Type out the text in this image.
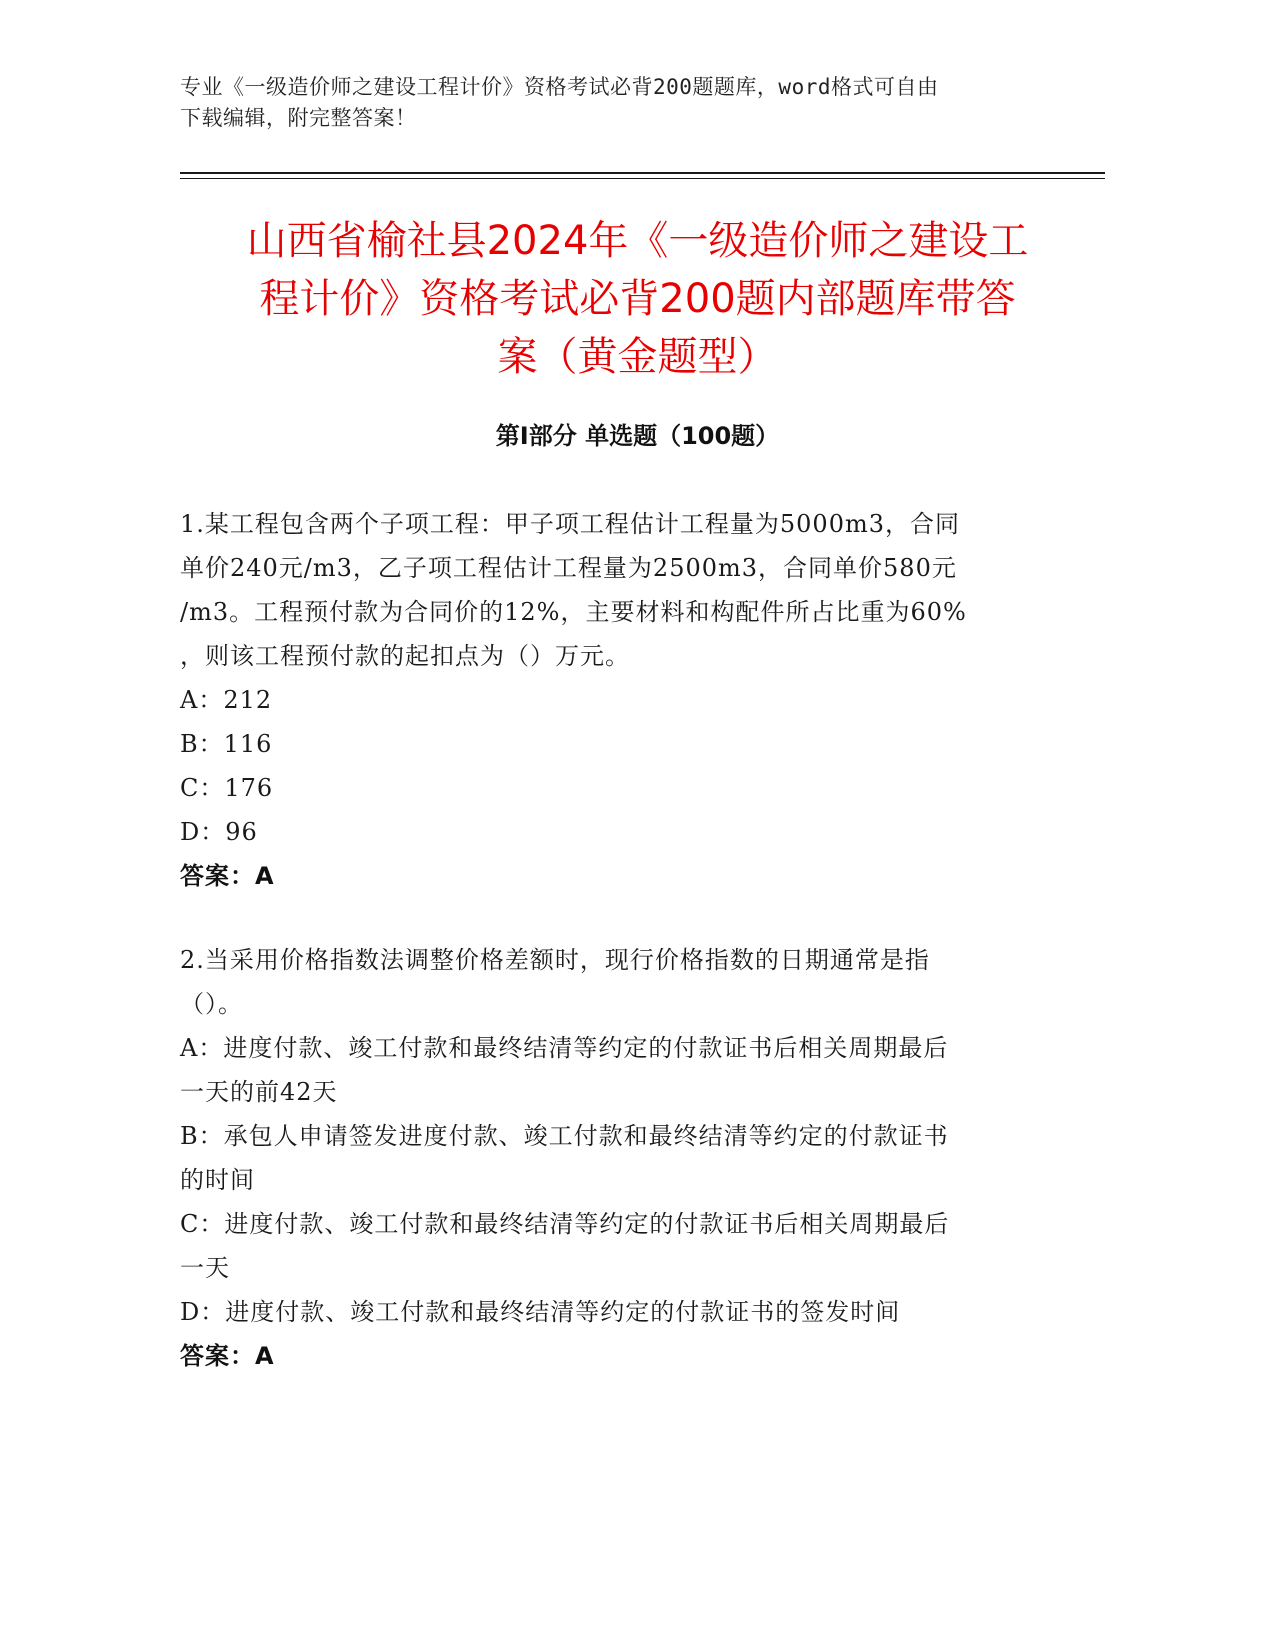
专业《一级造价师之建设工程计价》资格考试必背200题题库，word格式可自由
下载编辑，附完整答案！
山西省榆社县2024年《一级造价师之建设工
程计价》资格考试必背200题内部题库带答
案（黄金题型）
第I部分 单选题（100题）
1.某工程包含两个子项工程：甲子项工程估计工程量为5000m3，合同
单价240元/m3，乙子项工程估计工程量为2500m3，合同单价580元
/m3。工程预付款为合同价的12%，主要材料和构配件所占比重为60%
，则该工程预付款的起扣点为（）万元。
A：212
B：116
C：176
D：96
答案：A
2.当采用价格指数法调整价格差额时，现行价格指数的日期通常是指
（）。
A：进度付款、竣工付款和最终结清等约定的付款证书后相关周期最后
一天的前42天
B：承包人申请签发进度付款、竣工付款和最终结清等约定的付款证书
的时间
C：进度付款、竣工付款和最终结清等约定的付款证书后相关周期最后
一天
D：进度付款、竣工付款和最终结清等约定的付款证书的签发时间
答案：A
